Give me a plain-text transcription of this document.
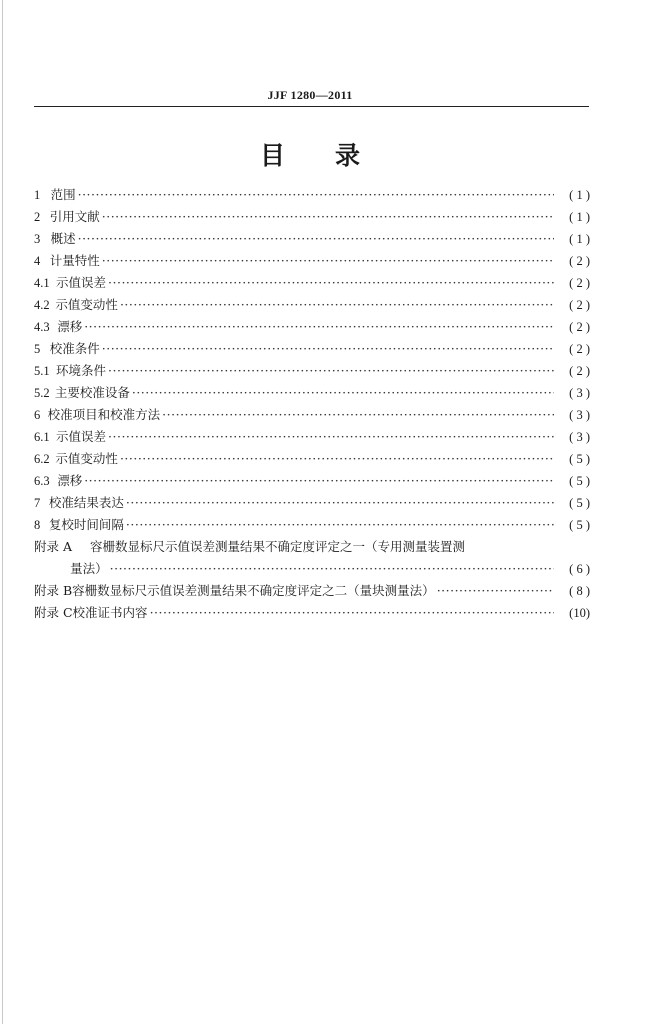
JJF 1280—2011
目录
1 范围 ·····	( 1 )
2 引用文献 ·····	( 1 )
3 概述 ·····	( 1 )
4 计量特性 ·····	( 2 )
4.1 示值误差 ·····	( 2 )
4.2 示值变动性 ·····	( 2 )
4.3 漂移 ·····	( 2 )
5 校准条件 ·····	( 2 )
5.1 环境条件 ·····	( 2 )
5.2 主要校准设备 ·····	( 3 )
6 校准项目和校准方法 ·····	( 3 )
6.1 示值误差 ·····	( 3 )
6.2 示值变动性 ·····	( 5 )
6.3 漂移 ·····	( 5 )
7 校准结果表达 ·····	( 5 )
8 复校时间间隔 ·····	( 5 )
附录 A 容栅数显标尺示值误差测量结果不确定度评定之一（专用测量装置测
量法） ·····	( 6 )
附录 B 容栅数显标尺示值误差测量结果不确定度评定之二（量块测量法） ·····	( 8 )
附录 C 校准证书内容 ·····	(10)
